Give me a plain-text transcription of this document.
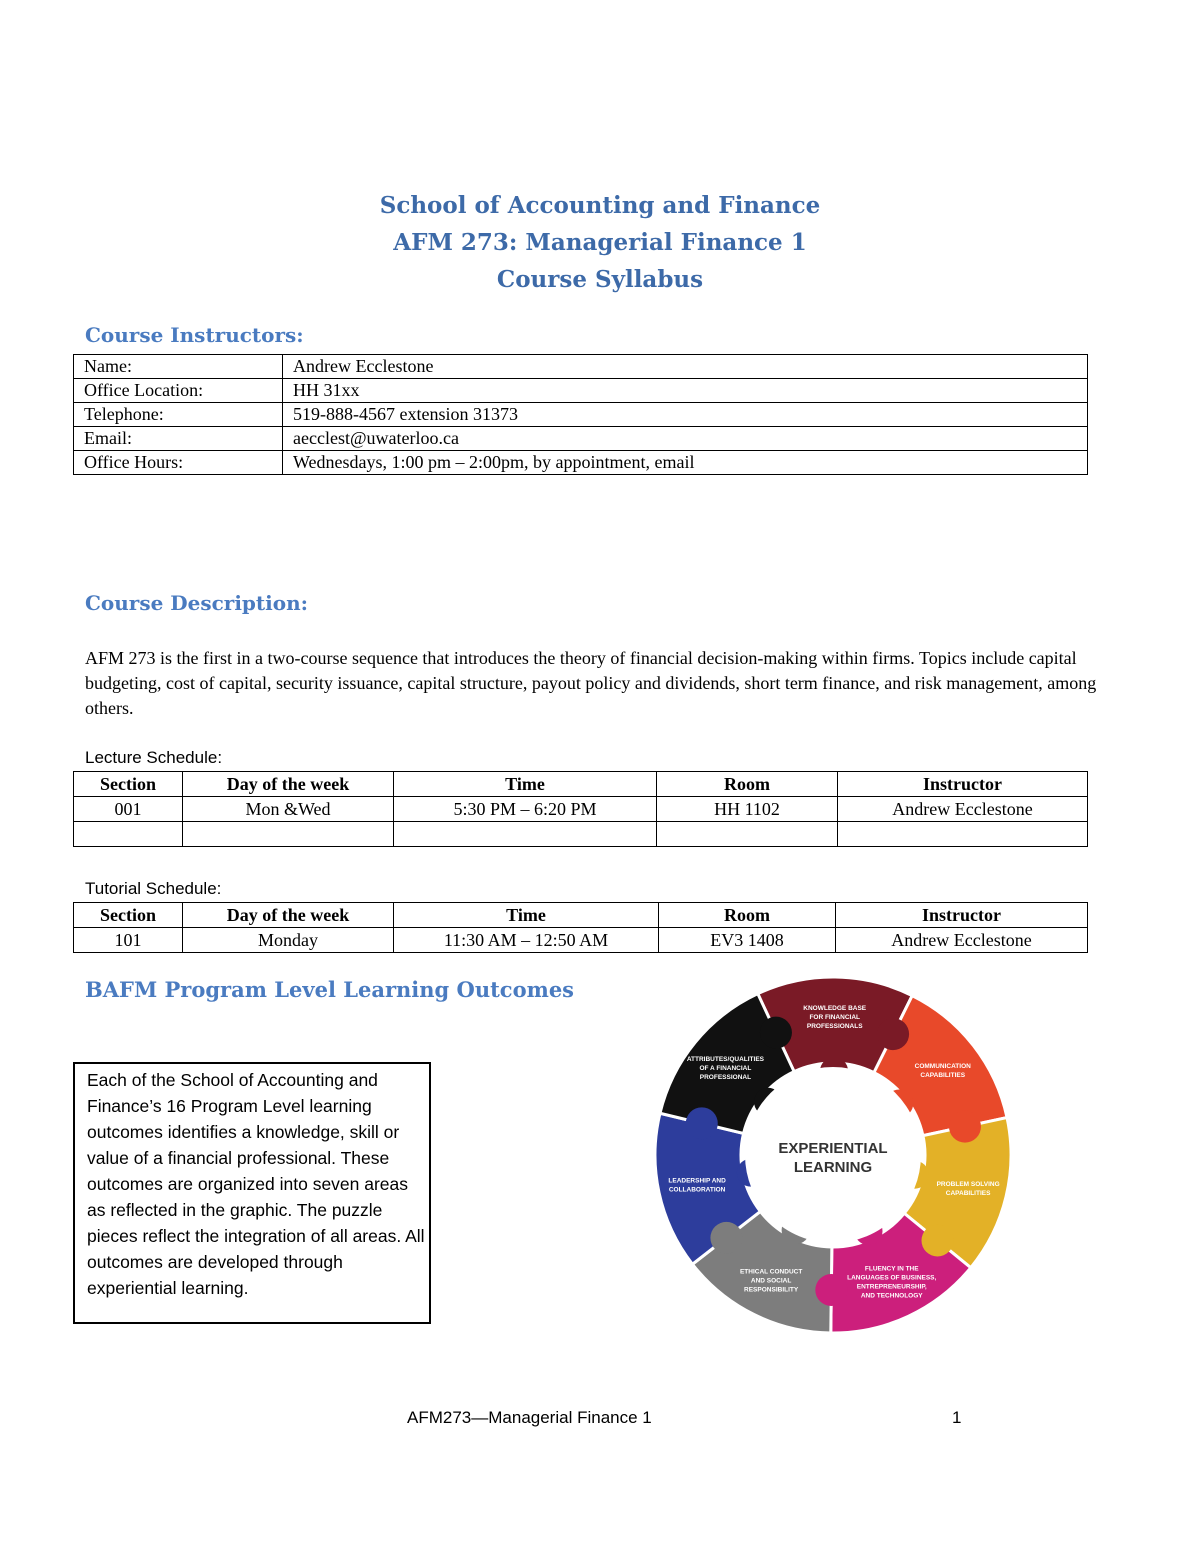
School of Accounting and Finance
AFM 273: Managerial Finance 1
Course Syllabus
Course Instructors:
Name:	Andrew Ecclestone
Office Location:	HH 31xx
Telephone:	519-888-4567 extension 31373
Email:	aecclest@uwaterloo.ca
Office Hours:	Wednesdays, 1:00 pm – 2:00pm, by appointment, email
Course Description:
AFM 273 is the first in a two-course sequence that introduces the theory of financial decision-making within firms. Topics include capital budgeting, cost of capital, security issuance, capital structure, payout policy and dividends, short term finance, and risk management, among others.
Lecture Schedule:
Section	Day of the week	Time	Room	Instructor
001	Mon &Wed	5:30 PM – 6:20 PM	HH 1102	Andrew Ecclestone

Tutorial Schedule:
Section	Day of the week	Time	Room	Instructor
101	Monday	11:30 AM – 12:50 AM	EV3 1408	Andrew Ecclestone
BAFM Program Level Learning Outcomes
Each of the School of Accounting and Finance’s 16 Program Level learning outcomes identifies a knowledge, skill or value of a financial professional. These outcomes are organized into seven areas as reflected in the graphic. The puzzle pieces reflect the integration of all areas. All outcomes are developed through experiential learning.
EXPERIENTIAL
LEARNING
KNOWLEDGE BASE
FOR FINANCIAL
PROFESSIONALS
COMMUNICATION
CAPABILITIES
PROBLEM SOLVING
CAPABILITIES
FLUENCY IN THE
LANGUAGES OF BUSINESS,
ENTREPRENEURSHIP,
AND TECHNOLOGY
ETHICAL CONDUCT
AND SOCIAL
RESPONSIBILITY
LEADERSHIP AND
COLLABORATION
ATTRIBUTES/QUALITIES
OF A FINANCIAL
PROFESSIONAL
AFM273—Managerial Finance 1	1
